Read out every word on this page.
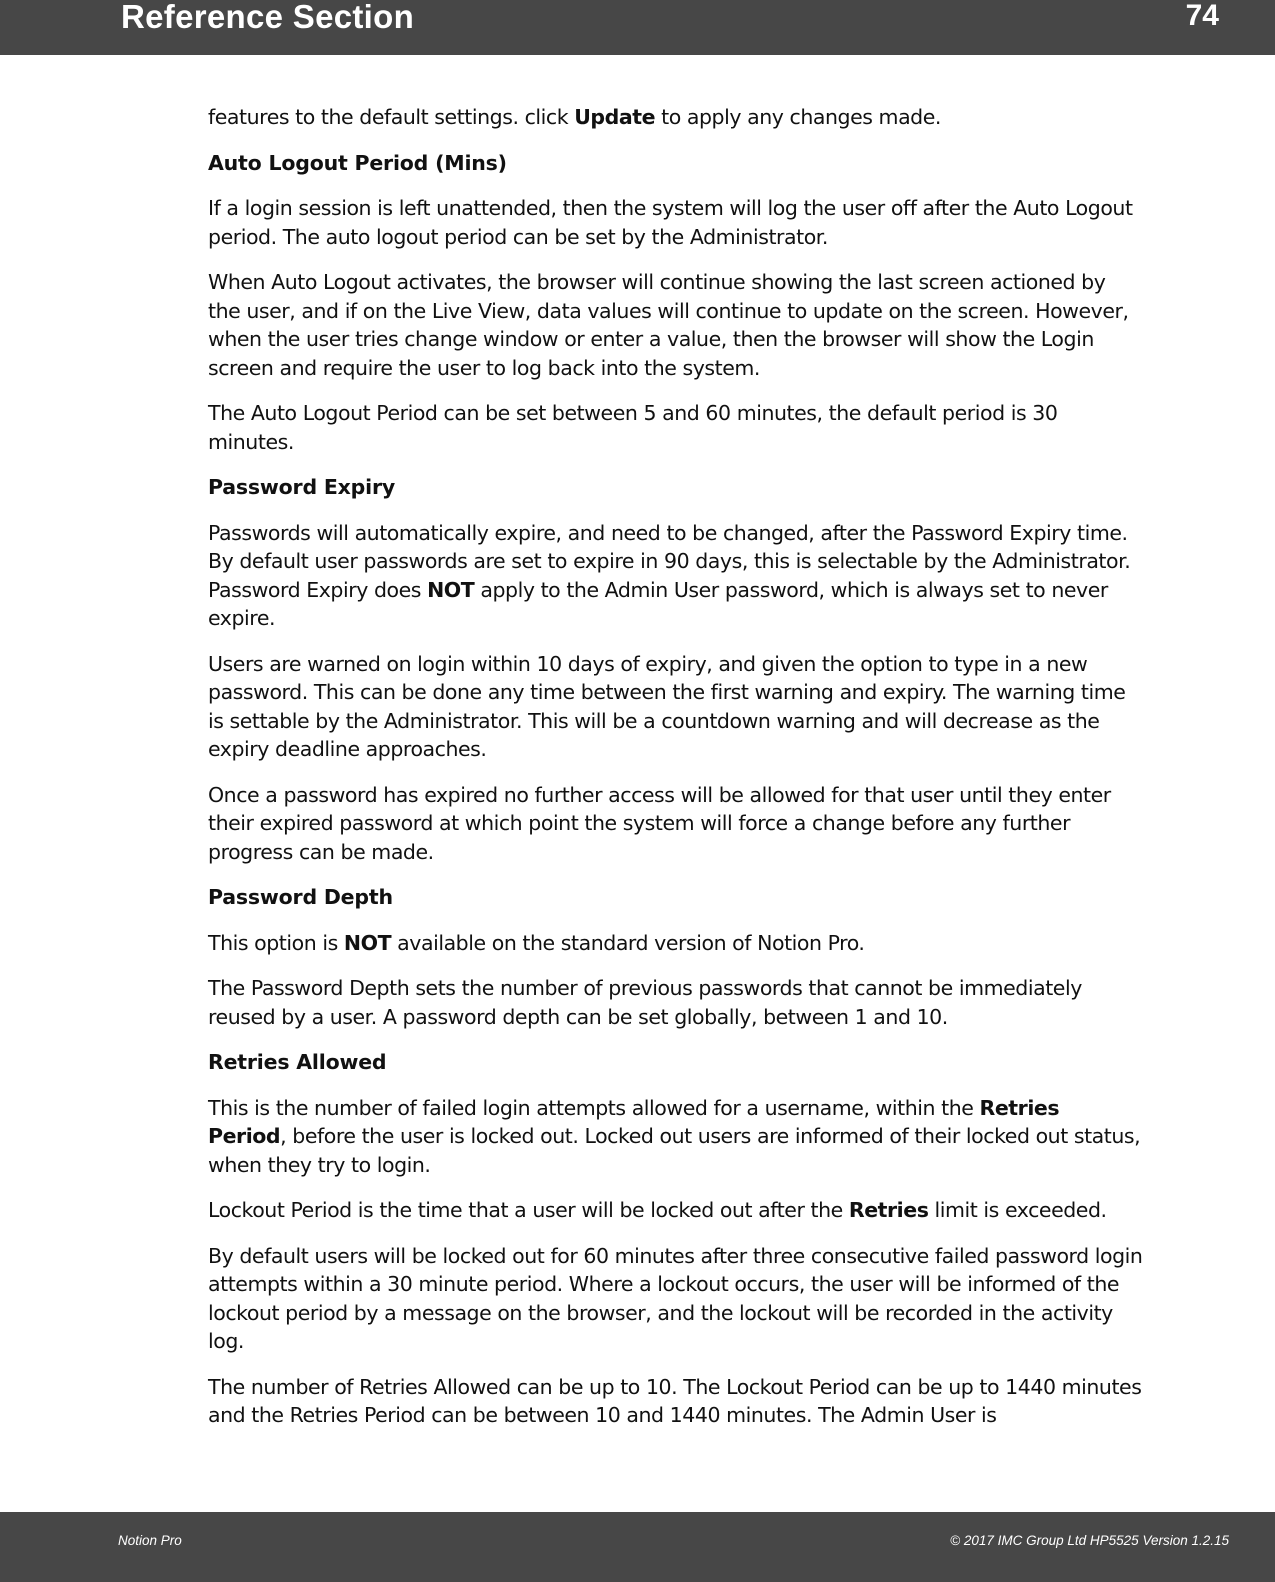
Reference Section	74

features to the default settings. click Update to apply any changes made.

Auto Logout Period (Mins)

If a login session is left unattended, then the system will log the user off after the Auto Logout period. The auto logout period can be set by the Administrator.

When Auto Logout activates, the browser will continue showing the last screen actioned by the user, and if on the Live View, data values will continue to update on the screen. However, when the user tries change window or enter a value, then the browser will show the Login screen and require the user to log back into the system.

The Auto Logout Period can be set between 5 and 60 minutes, the default period is 30 minutes.

Password Expiry

Passwords will automatically expire, and need to be changed, after the Password Expiry time. By default user passwords are set to expire in 90 days, this is selectable by the Administrator. Password Expiry does NOT apply to the Admin User password, which is always set to never expire.

Users are warned on login within 10 days of expiry, and given the option to type in a new password. This can be done any time between the first warning and expiry. The warning time is settable by the Administrator. This will be a countdown warning and will decrease as the expiry deadline approaches.

Once a password has expired no further access will be allowed for that user until they enter their expired password at which point the system will force a change before any further progress can be made.

Password Depth

This option is NOT available on the standard version of Notion Pro.

The Password Depth sets the number of previous passwords that cannot be immediately reused by a user. A password depth can be set globally, between 1 and 10.

Retries Allowed

This is the number of failed login attempts allowed for a username, within the Retries Period, before the user is locked out. Locked out users are informed of their locked out status, when they try to login.

Lockout Period is the time that a user will be locked out after the Retries limit is exceeded.

By default users will be locked out for 60 minutes after three consecutive failed password login attempts within a 30 minute period. Where a lockout occurs, the user will be informed of the lockout period by a message on the browser, and the lockout will be recorded in the activity log.

The number of Retries Allowed can be up to 10. The Lockout Period can be up to 1440 minutes and the Retries Period can be between 10 and 1440 minutes. The Admin User is

Notion Pro	© 2017 IMC Group Ltd HP5525 Version 1.2.15
